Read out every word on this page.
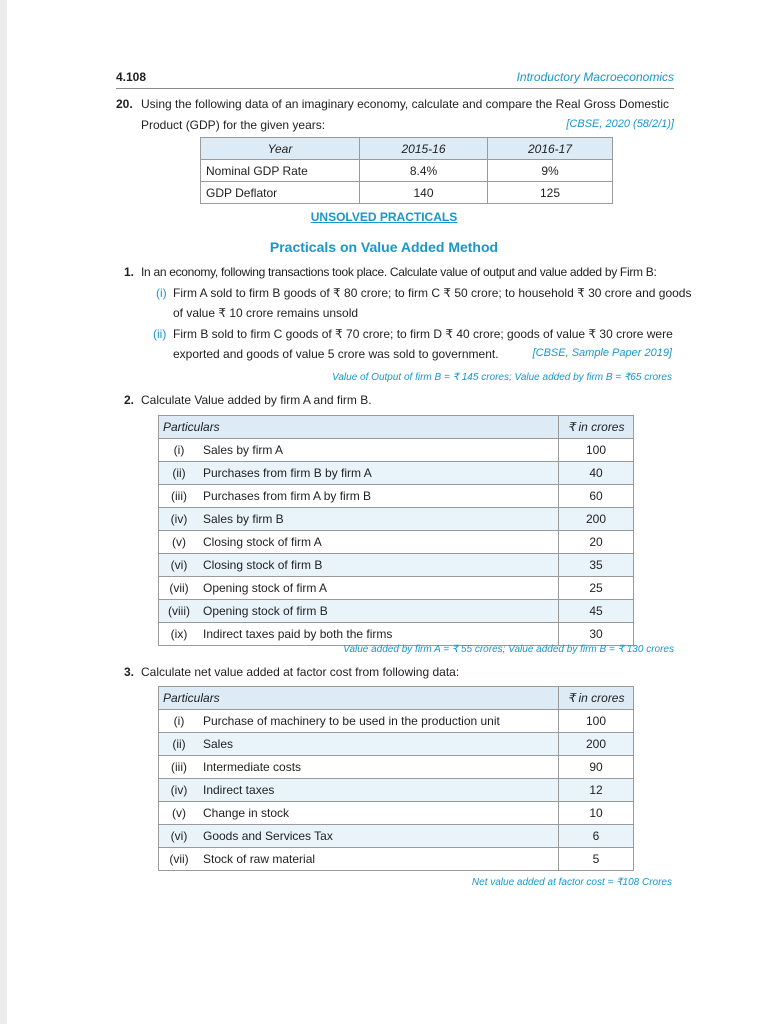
4.108	Introductory Macroeconomics
20. Using the following data of an imaginary economy, calculate and compare the Real Gross Domestic
Product (GDP) for the given years:	[CBSE, 2020 (58/2/1)]
Year	2015-16	2016-17
Nominal GDP Rate	8.4%	9%
GDP Deflator	140	125
UNSOLVED PRACTICALS
Practicals on Value Added Method
1. In an economy, following transactions took place. Calculate value of output and value added by Firm B:
(i) Firm A sold to firm B goods of ₹ 80 crore; to firm C ₹ 50 crore; to household ₹ 30 crore and goods
of value ₹ 10 crore remains unsold
(ii) Firm B sold to firm C goods of ₹ 70 crore; to firm D ₹ 40 crore; goods of value ₹ 30 crore were
exported and goods of value 5 crore was sold to government.	[CBSE, Sample Paper 2019]
Value of Output of firm B = ₹ 145 crores; Value added by firm B = ₹65 crores
2. Calculate Value added by firm A and firm B.
Particulars		₹ in crores
(i)	Sales by firm A	100
(ii)	Purchases from firm B by firm A	40
(iii)	Purchases from firm A by firm B	60
(iv)	Sales by firm B	200
(v)	Closing stock of firm A	20
(vi)	Closing stock of firm B	35
(vii)	Opening stock of firm A	25
(viii)	Opening stock of firm B	45
(ix)	Indirect taxes paid by both the firms	30
Value added by firm A = ₹ 55 crores; Value added by firm B = ₹ 130 crores
3. Calculate net value added at factor cost from following data:
Particulars		₹ in crores
(i)	Purchase of machinery to be used in the production unit	100
(ii)	Sales	200
(iii)	Intermediate costs	90
(iv)	Indirect taxes	12
(v)	Change in stock	10
(vi)	Goods and Services Tax	6
(vii)	Stock of raw material	5
Net value added at factor cost = ₹108 Crores
